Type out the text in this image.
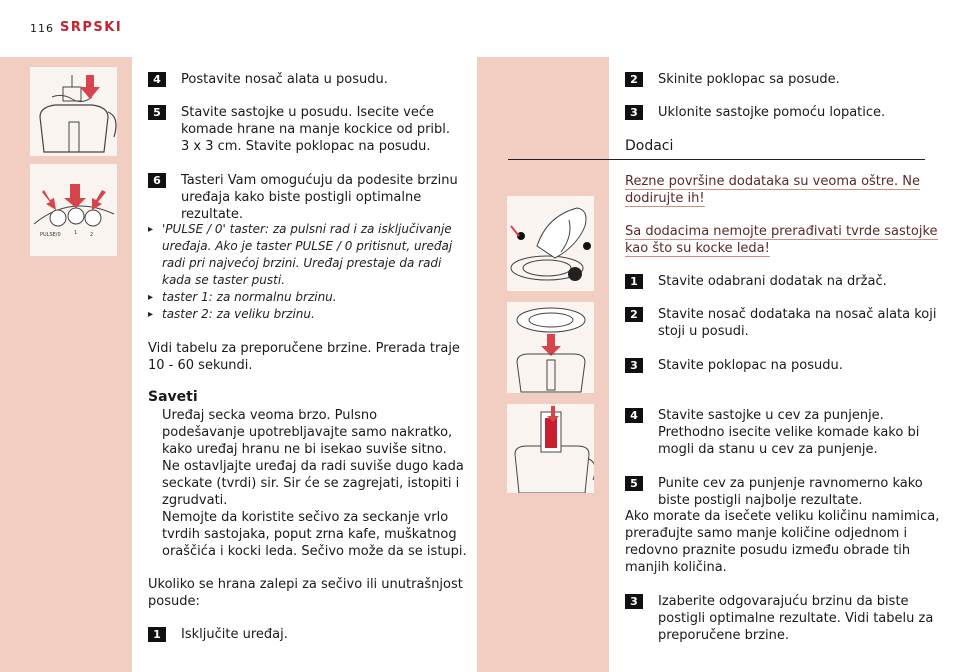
116 SRPSKI
PULSE/0	1	2
4	Postavite nosač alata u posudu.
5	Stavite sastojke u posudu. Isecite veće
komade hrane na manje kockice od pribl.
3 x 3 cm. Stavite poklopac na posudu.
6	Tasteri Vam omogućuju da podesite brzinu
uređaja kako biste postigli optimalne
rezultate.
▸ 'PULSE / 0' taster: za pulsni rad i za isključivanje
uređaja. Ako je taster PULSE / 0 pritisnut, uređaj
radi pri najvećoj brzini. Uređaj prestaje da radi
kada se taster pusti.
▸ taster 1: za normalnu brzinu.
▸ taster 2: za veliku brzinu.
Vidi tabelu za preporučene brzine. Prerada traje
10 - 60 sekundi.
Saveti
Uređaj secka veoma brzo. Pulsno
podešavanje upotrebljavajte samo nakratko,
kako uređaj hranu ne bi isekao suviše sitno.
Ne ostavljajte uređaj da radi suviše dugo kada
seckate (tvrdi) sir. Sir će se zagrejati, istopiti i
zgrudvati.
Nemojte da koristite sečivo za seckanje vrlo
tvrdih sastojaka, poput zrna kafe, muškatnog
oraščića i kocki leda. Sečivo može da se istupi.
Ukoliko se hrana zalepi za sečivo ili unutrašnjost
posude:
1	Isključite uređaj.
2	Skinite poklopac sa posude.
3	Uklonite sastojke pomoću lopatice.
Dodaci
Rezne površine dodataka su veoma oštre. Ne
dodirujte ih!
Sa dodacima nemojte prerađivati tvrde sastojke
kao što su kocke leda!
1	Stavite odabrani dodatak na držač.
2	Stavite nosač dodataka na nosač alata koji
stoji u posudi.
3	Stavite poklopac na posudu.
4	Stavite sastojke u cev za punjenje.
Prethodno isecite velike komade kako bi
mogli da stanu u cev za punjenje.
5	Punite cev za punjenje ravnomerno kako
biste postigli najbolje rezultate.
Ako morate da isečete veliku količinu namimica,
prerađujte samo manje količine odjednom i
redovno praznite posudu između obrade tih
manjih količina.
3	Izaberite odgovarajuću brzinu da biste
postigli optimalne rezultate. Vidi tabelu za
preporučene brzine.
